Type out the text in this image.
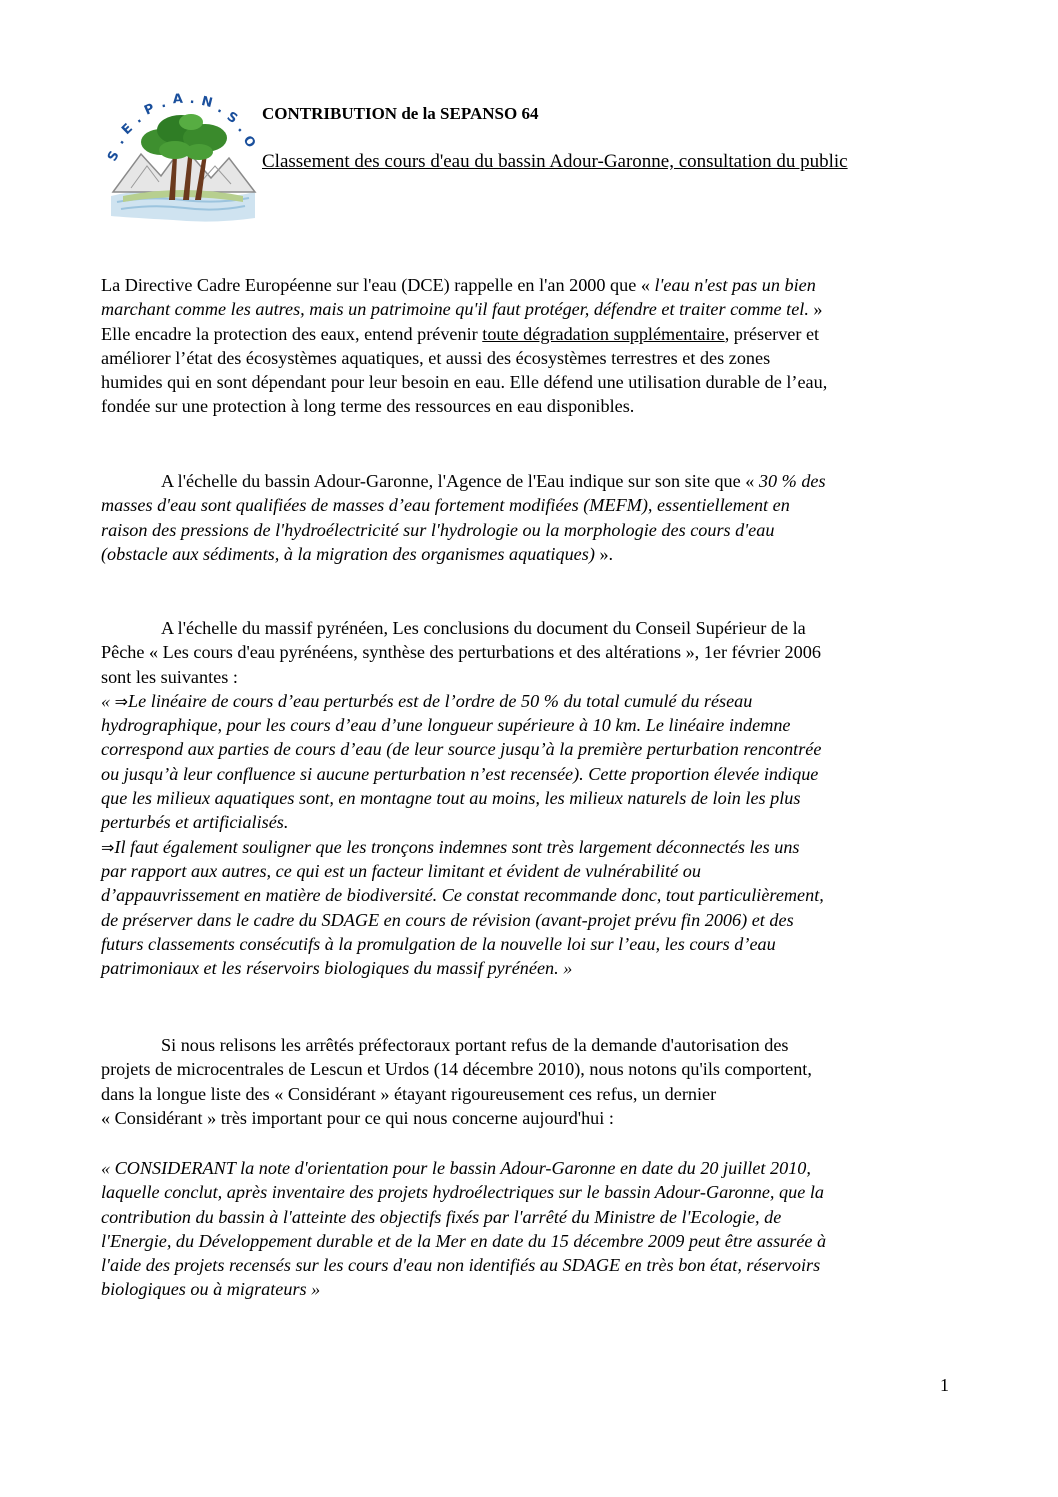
S
.
E
.
P . A . N .
S
.
O
CONTRIBUTION de la SEPANSO 64
Classement des cours d'eau du bassin Adour-Garonne, consultation du public
La Directive Cadre Européenne sur l'eau (DCE) rappelle en l'an 2000 que « l'eau n'est pas un bien
marchant comme les autres, mais un patrimoine qu'il faut protéger, défendre et traiter comme tel. »
Elle encadre la protection des eaux, entend prévenir toute dégradation supplémentaire, préserver et
améliorer l’état des écosystèmes aquatiques, et aussi des écosystèmes terrestres et des zones
humides qui en sont dépendant pour leur besoin en eau. Elle défend une utilisation durable de l’eau,
fondée sur une protection à long terme des ressources en eau disponibles.
A l'échelle du bassin Adour-Garonne, l'Agence de l'Eau indique sur son site que « 30 % des
masses d'eau sont qualifiées de masses d’eau fortement modifiées (MEFM), essentiellement en
raison des pressions de l'hydroélectricité sur l'hydrologie ou la morphologie des cours d'eau
(obstacle aux sédiments, à la migration des organismes aquatiques) ».
A l'échelle du massif pyrénéen, Les conclusions du document du Conseil Supérieur de la
Pêche « Les cours d'eau pyrénéens, synthèse des perturbations et des altérations », 1er février 2006
sont les suivantes :
« ⇒Le linéaire de cours d’eau perturbés est de l’ordre de 50 % du total cumulé du réseau
hydrographique, pour les cours d’eau d’une longueur supérieure à 10 km. Le linéaire indemne
correspond aux parties de cours d’eau (de leur source jusqu’à la première perturbation rencontrée
ou jusqu’à leur confluence si aucune perturbation n’est recensée). Cette proportion élevée indique
que les milieux aquatiques sont, en montagne tout au moins, les milieux naturels de loin les plus
perturbés et artificialisés.
⇒Il faut également souligner que les tronçons indemnes sont très largement déconnectés les uns
par rapport aux autres, ce qui est un facteur limitant et évident de vulnérabilité ou
d’appauvrissement en matière de biodiversité. Ce constat recommande donc, tout particulièrement,
de préserver dans le cadre du SDAGE en cours de révision (avant-projet prévu fin 2006) et des
futurs classements consécutifs à la promulgation de la nouvelle loi sur l’eau, les cours d’eau
patrimoniaux et les réservoirs biologiques du massif pyrénéen. »
Si nous relisons les arrêtés préfectoraux portant refus de la demande d'autorisation des
projets de microcentrales de Lescun et Urdos (14 décembre 2010), nous notons qu'ils comportent,
dans la longue liste des « Considérant » étayant rigoureusement ces refus, un dernier
« Considérant » très important pour ce qui nous concerne aujourd'hui :
« CONSIDERANT la note d'orientation pour le bassin Adour-Garonne en date du 20 juillet 2010,
laquelle conclut, après inventaire des projets hydroélectriques sur le bassin Adour-Garonne, que la
contribution du bassin à l'atteinte des objectifs fixés par l'arrêté du Ministre de l'Ecologie, de
l'Energie, du Développement durable et de la Mer en date du 15 décembre 2009 peut être assurée à
l'aide des projets recensés sur les cours d'eau non identifiés au SDAGE en très bon état, réservoirs
biologiques ou à migrateurs »
1
